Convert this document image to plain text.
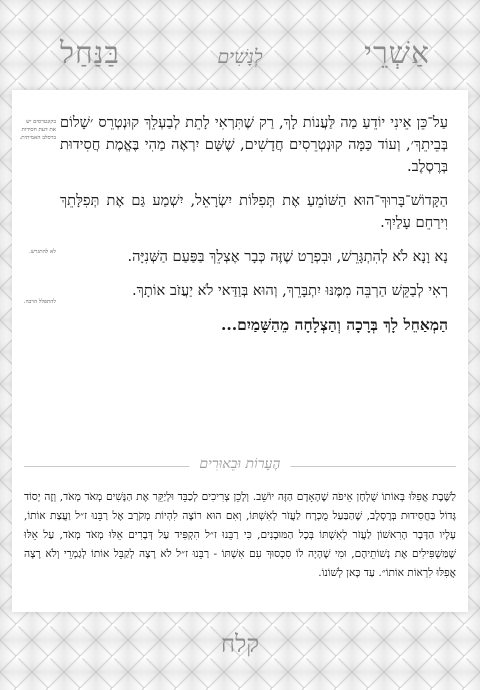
אַשְׁרֵי
לְנָשִׁים
בַּנַּחַל

עַל־כֵּן אֵינִי יוֹדֵעַ מַה לַּעֲנוֹת לָךְ, רַק שֶׁתִּרְאִי לָתֵת לְבַעְלֵךְ קוּנְטְרֵס ׳שָׁלוֹם בְּבֵיתֵךְ׳, וְעוֹד כַּמָּה קוּנְטְרֵסִים חֲדָשִׁים, שֶׁשָּׁם יִרְאֶה מַהִי בֶּאֱמֶת חֲסִידוּת בְּרֶסְלֶב.

הַקָּדוֹשׁ־בָּרוּךְ־הוּא הַשּׁוֹמֵעַ אֶת תְּפִלּוֹת יִשְׂרָאֵל, יִשְׁמַע גַּם אֶת תְּפִלָּתֵךְ וִירַחֵם עָלַיִךְ.

נָא וָנָא לֹא לְהִתְגָּרֵשׁ, וּבִפְרָט שֶׁזֶּה כְּבָר אֶצְלֵךְ בַּפַּעַם הַשְּׁנִיָּה.

רְאִי לְבַקֵּשׁ הַרְבֵּה מִמֶּנּוּ יִתְבָּרֵךְ, וְהוּא בְּוַדַּאי לֹא יַעֲזֹב אוֹתָךְ.

הַמְאַחֵל לָךְ בְּרָכָה וְהַצְלָחָה מֵהַשָּׁמַיִם...

בקונטרסים יש את דעת חסידות ברסלב האמיתית.
לא להתגרש.
להתפלל הרבה.
הֶעָרוֹת וּבֵאוּרִים
לַשֶּׁבֶת אֲפִלּוּ בְּאוֹתוֹ שֻׁלְחָן אֵיפֹה שֶׁהָאָדָם הַזֶּה יוֹשֵׁב. וְלָכֵן צְרִיכִים לְכַבֵּד וּלְיַקֵּר אֶת הַנָּשִׁים מְאֹד מְאֹד, וְזֶה יְסוֹד גָּדוֹל בַּחֲסִידוּת בְּרֶסְלֶב, שֶׁהַבַּעַל מֻכְרָח לַעֲזֹר לְאִשְׁתּוֹ, וְאִם הוּא רוֹצֶה לִהְיוֹת מְקֹרָב אֶל רַבֵּנוּ ז״ל וַעֲצַת אוֹתוֹ, עָלָיו הַדָּבָר הָרִאשׁוֹן לַעֲזֹר לְאִשְׁתּוֹ בְּכָל הַמּוּבָנִים, כִּי רַבֵּנוּ ז״ל הִקְפִּיד עַל דְּבָרִים אֵלּוּ מְאֹד מְאֹד, עַל אֵלּוּ שֶׁמַּשְׁפִּילִים אֶת נְשׁוֹתֵיהֶם, וּמִי שֶׁהָיָה לוֹ סִכְסוּךְ עִם אִשְׁתּוֹ - רַבֵּנוּ ז״ל לֹא רָצָה לְקַבֵּל אוֹתוֹ לְגַמְרֵי וְלֹא רָצָה אֲפִלּוּ לִרְאוֹת אוֹתוֹ״. עַד כָּאן לְשׁוֹנוֹ.
קלח
